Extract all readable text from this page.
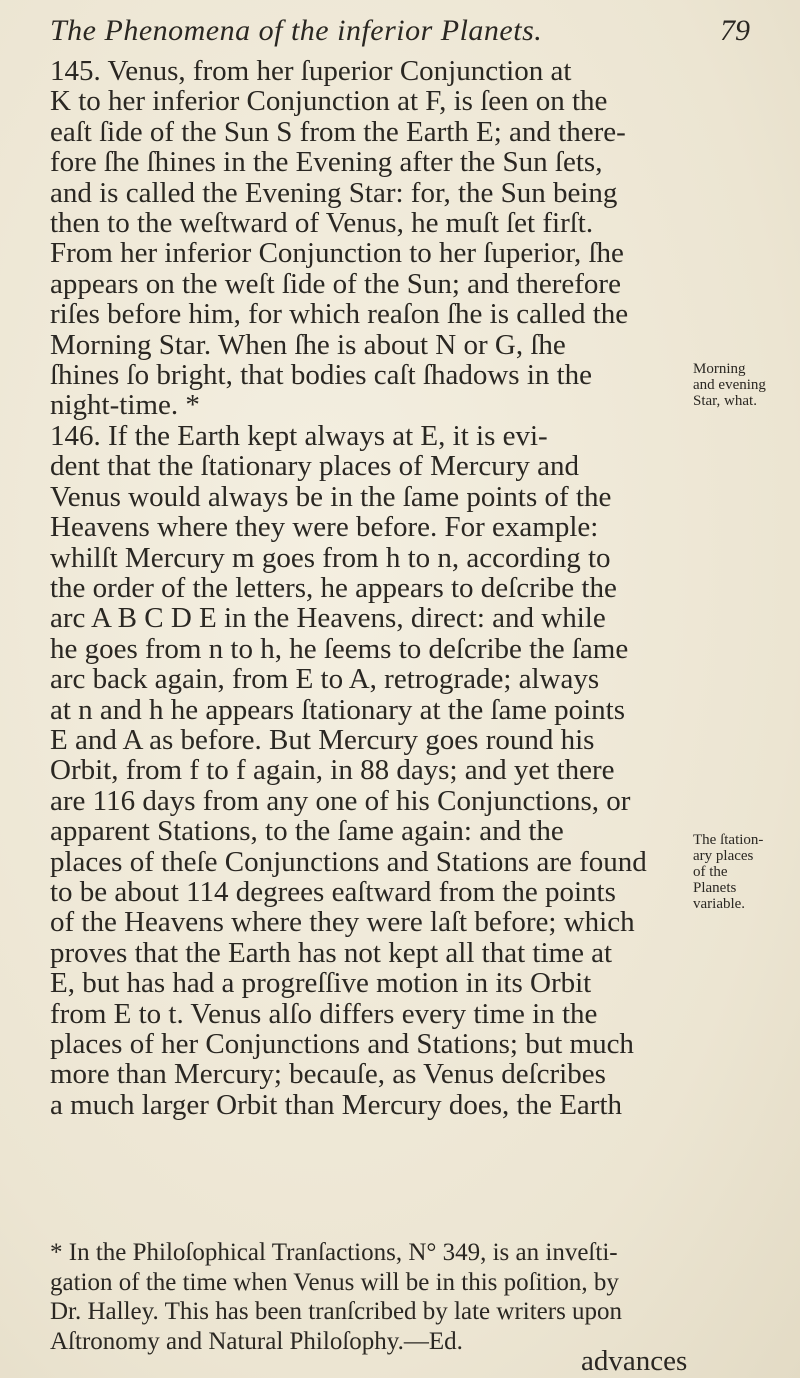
The Phenomena of the inferior Planets.	79
145. Venus, from her ſuperior Conjunction at
K to her inferior Conjunction at F, is ſeen on the
eaſt ſide of the Sun S from the Earth E; and there-
fore ſhe ſhines in the Evening after the Sun ſets,
and is called the Evening Star: for, the Sun being
then to the weſtward of Venus, he muſt ſet firſt.
From her inferior Conjunction to her ſuperior, ſhe
appears on the weſt ſide of the Sun; and therefore
riſes before him, for which reaſon ſhe is called the
Morning Star. When ſhe is about N or G, ſhe
ſhines ſo bright, that bodies caſt ſhadows in the
night-time. *
146. If the Earth kept always at E, it is evi-
dent that the ſtationary places of Mercury and
Venus would always be in the ſame points of the
Heavens where they were before. For example:
whilſt Mercury m goes from h to n, according to
the order of the letters, he appears to deſcribe the
arc A B C D E in the Heavens, direct: and while
he goes from n to h, he ſeems to deſcribe the ſame
arc back again, from E to A, retrograde; always
at n and h he appears ſtationary at the ſame points
E and A as before. But Mercury goes round his
Orbit, from f to f again, in 88 days; and yet there
are 116 days from any one of his Conjunctions, or
apparent Stations, to the ſame again: and the
places of theſe Conjunctions and Stations are found
to be about 114 degrees eaſtward from the points
of the Heavens where they were laſt before; which
proves that the Earth has not kept all that time at
E, but has had a progreſſive motion in its Orbit
from E to t. Venus alſo differs every time in the
places of her Conjunctions and Stations; but much
more than Mercury; becauſe, as Venus deſcribes
a much larger Orbit than Mercury does, the Earth
Morning
and evening
Star, what.
The ſtation-
ary places
of the
Planets
variable.
* In the Philoſophical Tranſactions, N° 349, is an inveſti-
gation of the time when Venus will be in this poſition, by
Dr. Halley. This has been tranſcribed by late writers upon
Aſtronomy and Natural Philoſophy.—Ed.
advances
